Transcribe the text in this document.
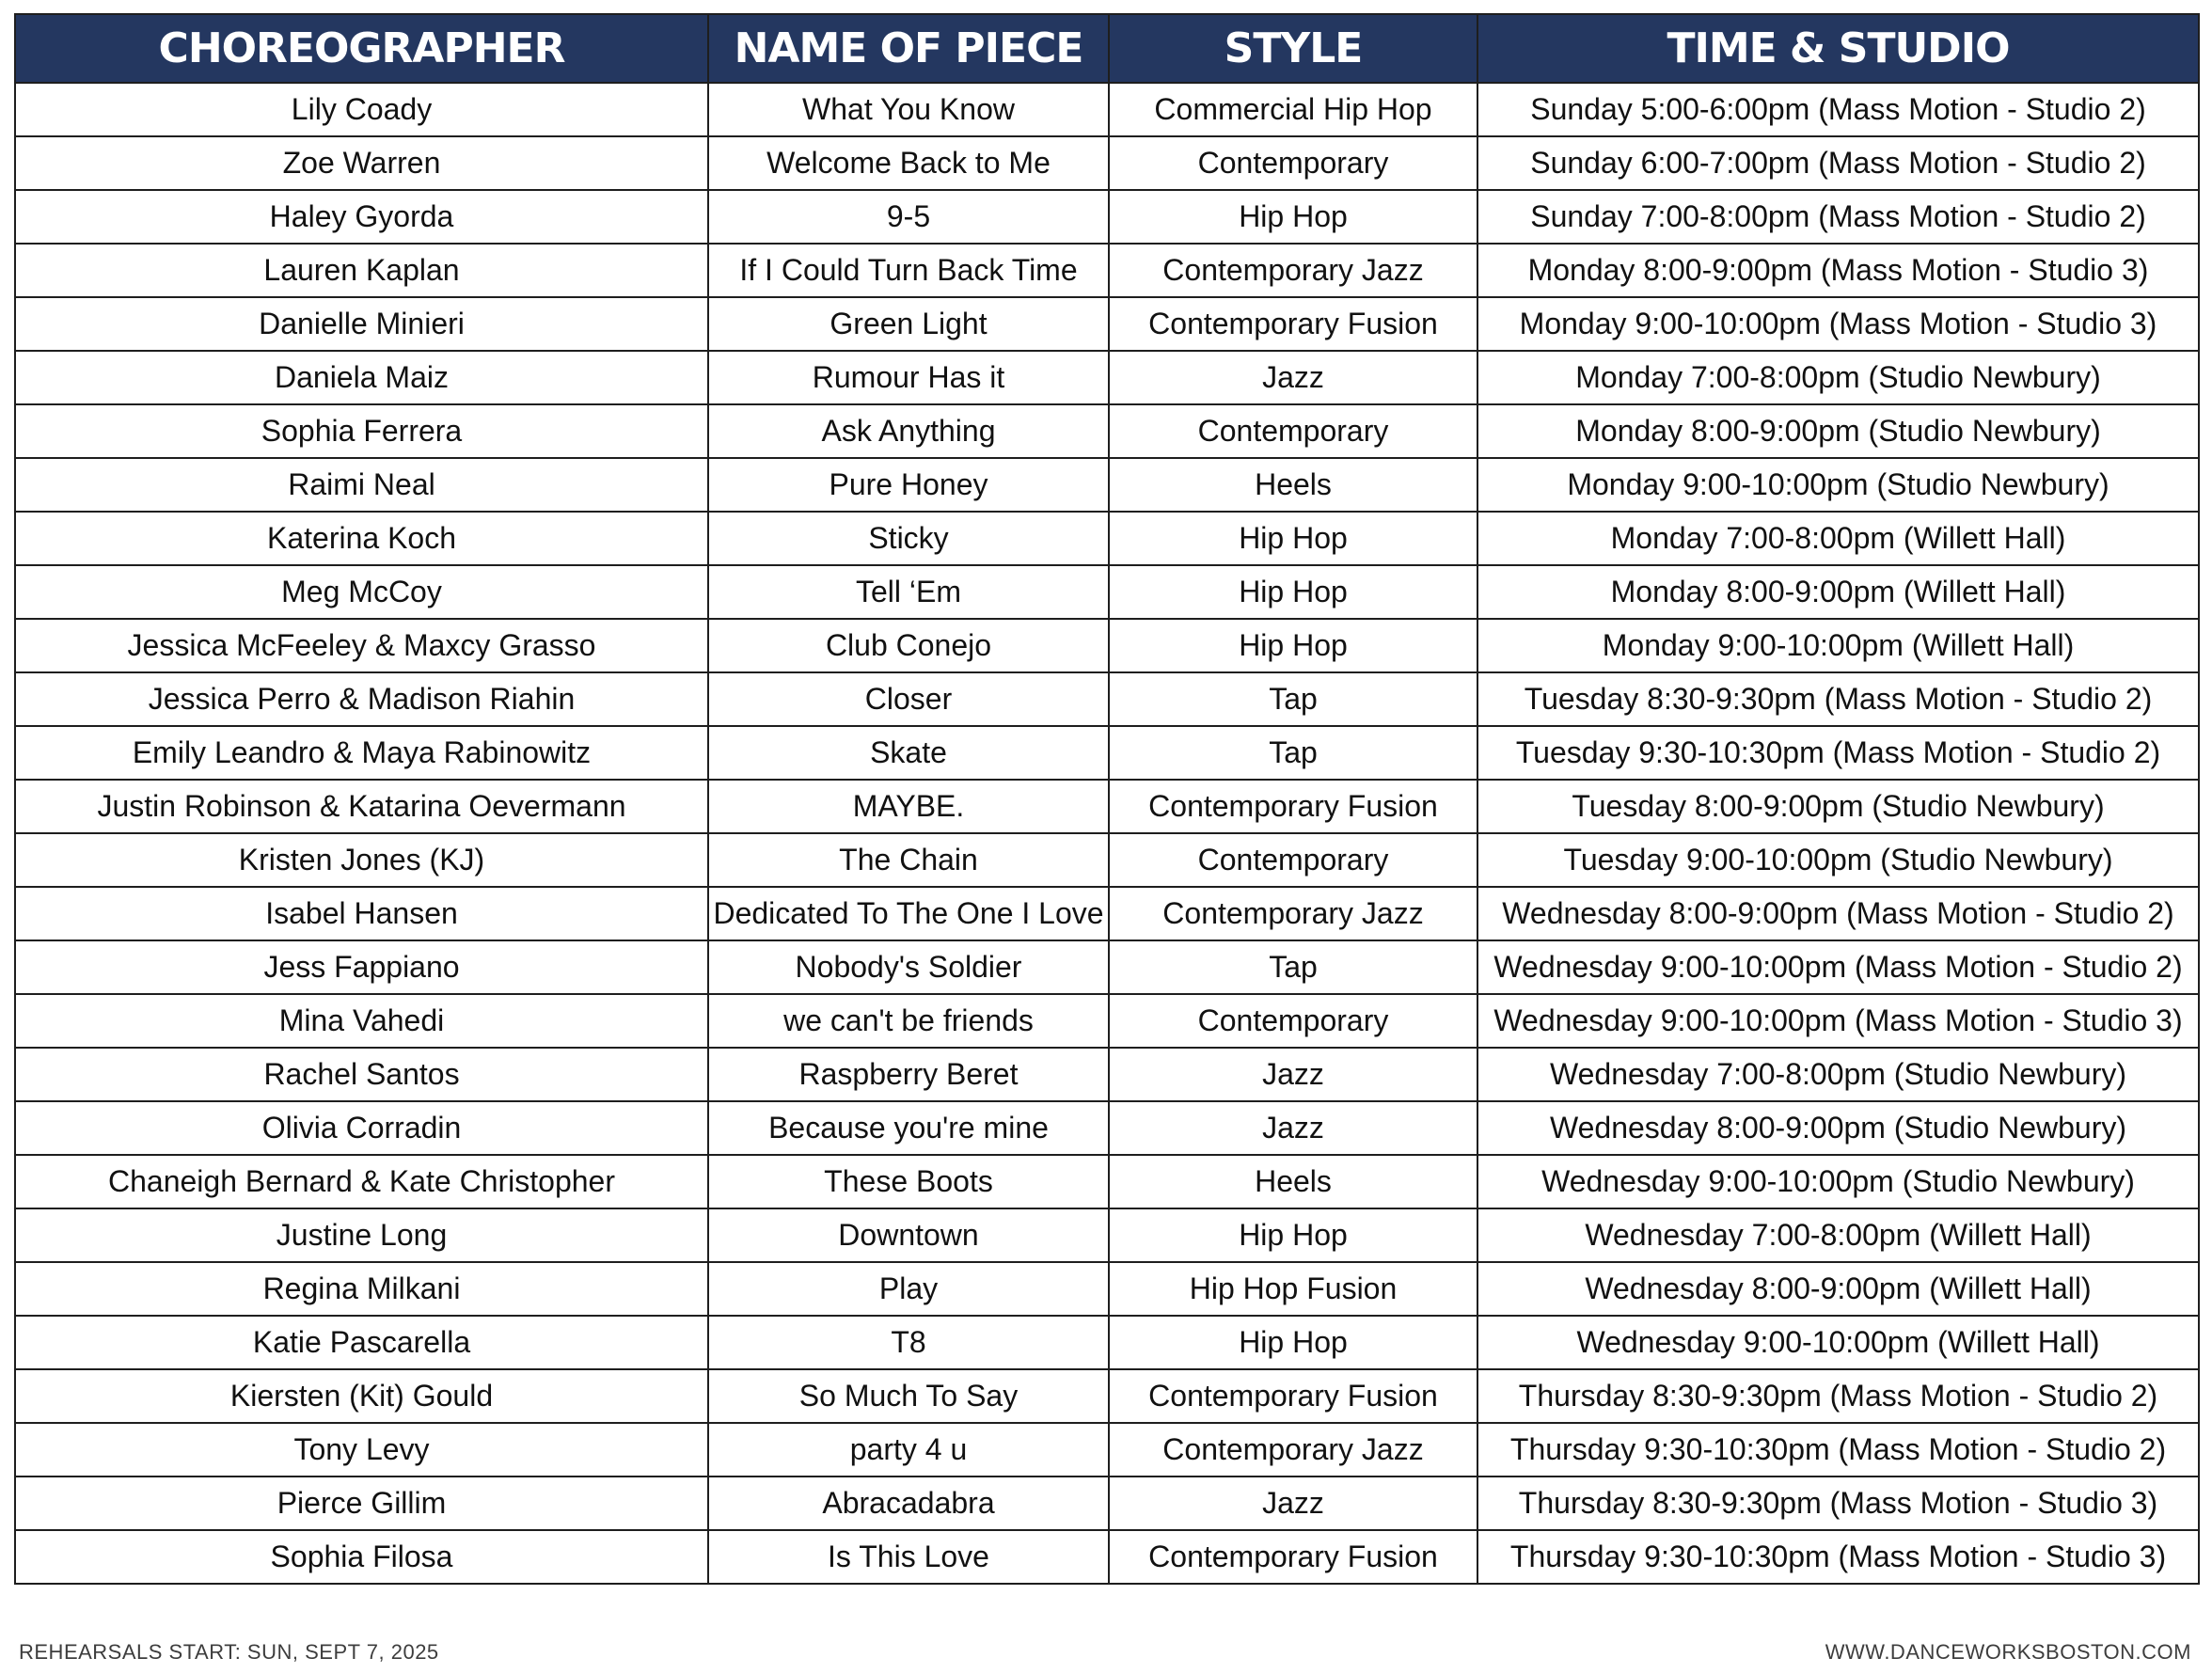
CHOREOGRAPHER	NAME OF PIECE	STYLE	TIME & STUDIO
Lily Coady	What You Know	Commercial Hip Hop	Sunday 5:00-6:00pm (Mass Motion - Studio 2)
Zoe Warren	Welcome Back to Me	Contemporary	Sunday 6:00-7:00pm (Mass Motion - Studio 2)
Haley Gyorda	9-5	Hip Hop	Sunday 7:00-8:00pm (Mass Motion - Studio 2)
Lauren Kaplan	If I Could Turn Back Time	Contemporary Jazz	Monday 8:00-9:00pm (Mass Motion - Studio 3)
Danielle Minieri	Green Light	Contemporary Fusion	Monday 9:00-10:00pm (Mass Motion - Studio 3)
Daniela Maiz	Rumour Has it	Jazz	Monday 7:00-8:00pm (Studio Newbury)
Sophia Ferrera	Ask Anything	Contemporary	Monday 8:00-9:00pm (Studio Newbury)
Raimi Neal	Pure Honey	Heels	Monday 9:00-10:00pm (Studio Newbury)
Katerina Koch	Sticky	Hip Hop	Monday 7:00-8:00pm (Willett Hall)
Meg McCoy	Tell ‘Em	Hip Hop	Monday 8:00-9:00pm (Willett Hall)
Jessica McFeeley & Maxcy Grasso	Club Conejo	Hip Hop	Monday 9:00-10:00pm (Willett Hall)
Jessica Perro & Madison Riahin	Closer	Tap	Tuesday 8:30-9:30pm (Mass Motion - Studio 2)
Emily Leandro & Maya Rabinowitz	Skate	Tap	Tuesday 9:30-10:30pm (Mass Motion - Studio 2)
Justin Robinson & Katarina Oevermann	MAYBE.	Contemporary Fusion	Tuesday 8:00-9:00pm (Studio Newbury)
Kristen Jones (KJ)	The Chain	Contemporary	Tuesday 9:00-10:00pm (Studio Newbury)
Isabel Hansen	Dedicated To The One I Love	Contemporary Jazz	Wednesday 8:00-9:00pm (Mass Motion - Studio 2)
Jess Fappiano	Nobody's Soldier	Tap	Wednesday 9:00-10:00pm (Mass Motion - Studio 2)
Mina Vahedi	we can't be friends	Contemporary	Wednesday 9:00-10:00pm (Mass Motion - Studio 3)
Rachel Santos	Raspberry Beret	Jazz	Wednesday 7:00-8:00pm (Studio Newbury)
Olivia Corradin	Because you're mine	Jazz	Wednesday 8:00-9:00pm (Studio Newbury)
Chaneigh Bernard & Kate Christopher	These Boots	Heels	Wednesday 9:00-10:00pm (Studio Newbury)
Justine Long	Downtown	Hip Hop	Wednesday 7:00-8:00pm (Willett Hall)
Regina Milkani	Play	Hip Hop Fusion	Wednesday 8:00-9:00pm (Willett Hall)
Katie Pascarella	T8	Hip Hop	Wednesday 9:00-10:00pm (Willett Hall)
Kiersten (Kit) Gould	So Much To Say	Contemporary Fusion	Thursday 8:30-9:30pm (Mass Motion - Studio 2)
Tony Levy	party 4 u	Contemporary Jazz	Thursday 9:30-10:30pm (Mass Motion - Studio 2)
Pierce Gillim	Abracadabra	Jazz	Thursday 8:30-9:30pm (Mass Motion - Studio 3)
Sophia Filosa	Is This Love	Contemporary Fusion	Thursday 9:30-10:30pm (Mass Motion - Studio 3)
REHEARSALS START: SUN, SEPT 7, 2025	WWW.DANCEWORKSBOSTON.COM
